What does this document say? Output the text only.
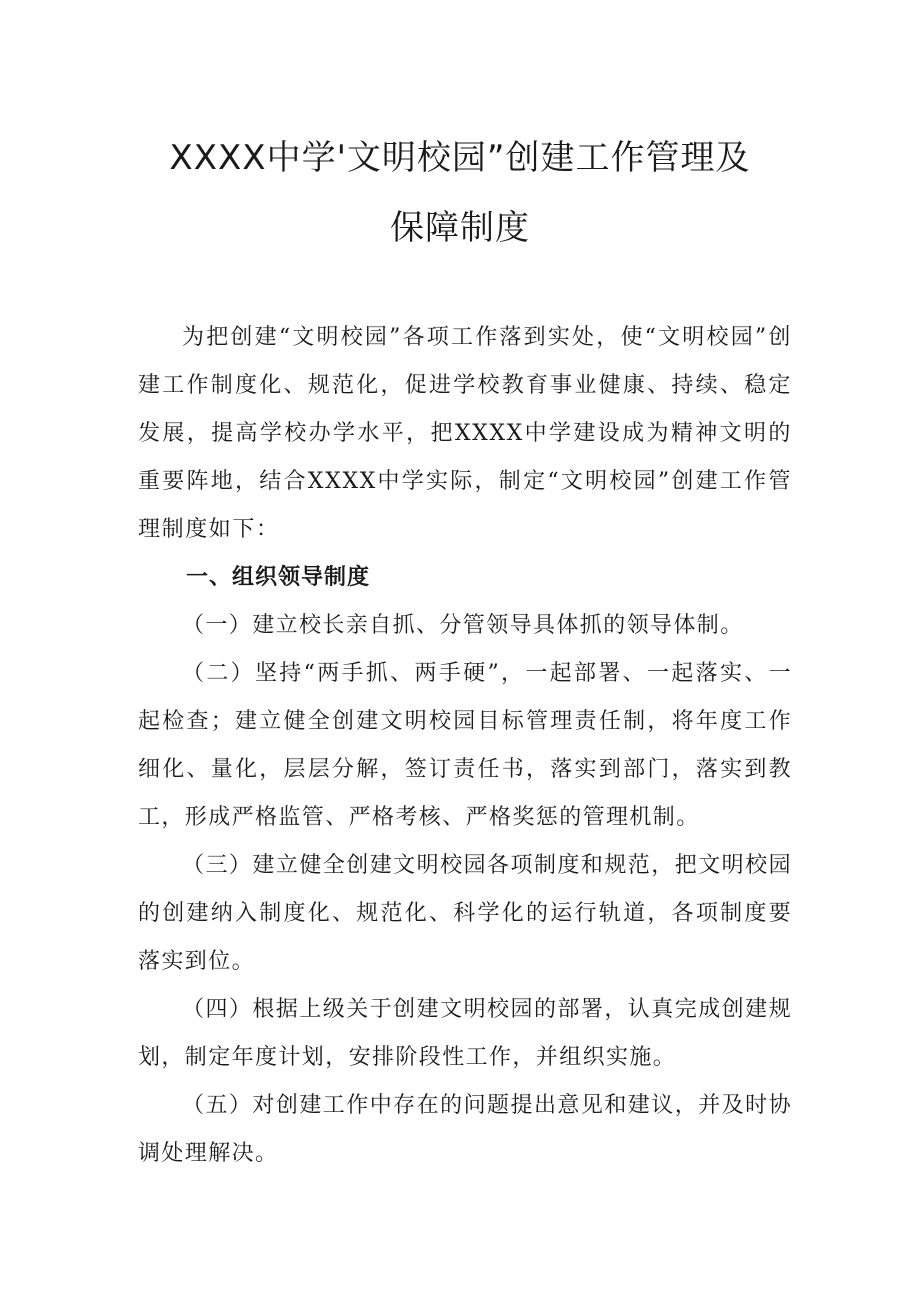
XXXX中学'文明校园”创建工作管理及
保障制度

为把创建“文明校园”各项工作落到实处，使“文明校园”创建工作制度化、规范化，促进学校教育事业健康、持续、稳定发展，提高学校办学水平，把XXXX中学建设成为精神文明的重要阵地，结合XXXX中学实际，制定“文明校园”创建工作管理制度如下：

一、组织领导制度

（一）建立校长亲自抓、分管领导具体抓的领导体制。

（二）坚持“两手抓、两手硬”，一起部署、一起落实、一起检查；建立健全创建文明校园目标管理责任制，将年度工作细化、量化，层层分解，签订责任书，落实到部门，落实到教工，形成严格监管、严格考核、严格奖惩的管理机制。

（三）建立健全创建文明校园各项制度和规范，把文明校园的创建纳入制度化、规范化、科学化的运行轨道，各项制度要落实到位。

（四）根据上级关于创建文明校园的部署，认真完成创建规划，制定年度计划，安排阶段性工作，并组织实施。

（五）对创建工作中存在的问题提出意见和建议，并及时协调处理解决。
